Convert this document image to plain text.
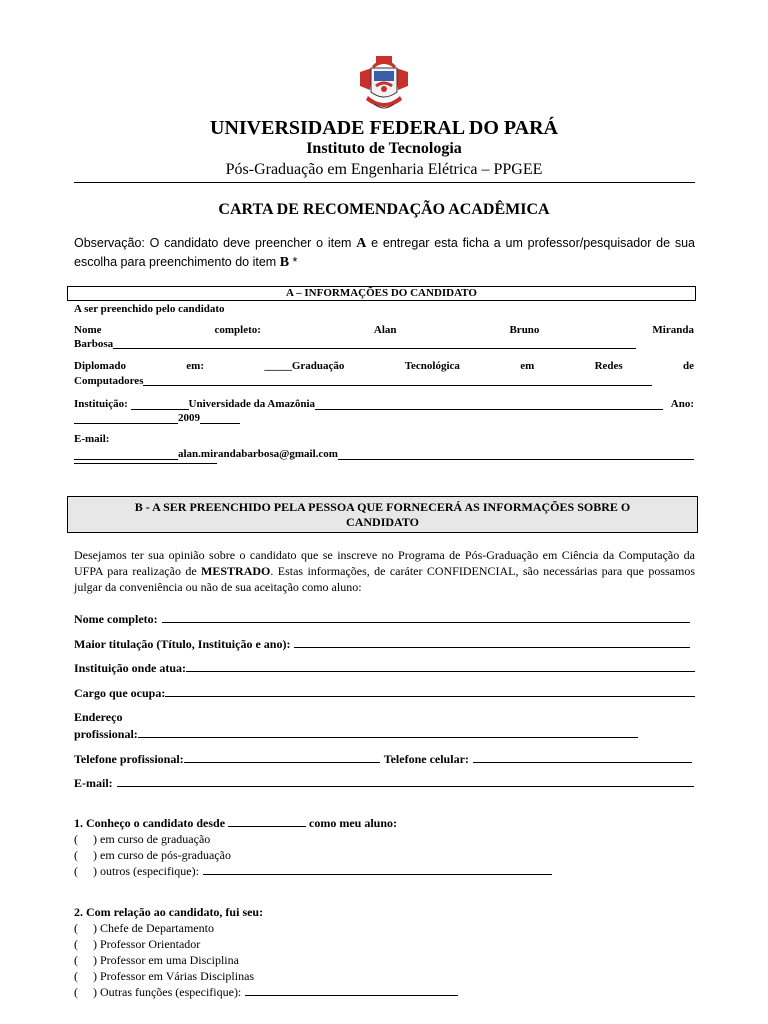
UNIVERSIDADE FEDERAL DO PARÁ
Instituto de Tecnologia
Pós-Graduação em Engenharia Elétrica – PPGEE
CARTA DE RECOMENDAÇÃO ACADÊMICA
Observação: O candidato deve preencher o item A e entregar esta ficha a um professor/pesquisador de sua escolha para preenchimento do item B *
A – INFORMAÇÕES DO CANDIDATO
A ser preenchido pelo candidato
Nome	completo:	Alan	Bruno	Miranda
Barbosa
Diplomado	em:	_____Graduação	Tecnológica	em	Redes	de
Computadores
Instituição:	Universidade da Amazônia	Ano:
2009
E-mail:
alan.mirandabarbosa@gmail.com
B - A SER PREENCHIDO PELA PESSOA QUE FORNECERÁ AS INFORMAÇÕES SOBRE O
CANDIDATO
Desejamos ter sua opinião sobre o candidato que se inscreve no Programa de Pós-Graduação em Ciência da Computação da UFPA para realização de MESTRADO. Estas informações, de caráter CONFIDENCIAL, são necessárias para que possamos julgar da conveniência ou não de sua aceitação como aluno:
Nome completo:
Maior titulação (Título, Instituição e ano):
Instituição onde atua:
Cargo que ocupa:
Endereço
profissional:
Telefone profissional:	Telefone celular:
E-mail:
1. Conheço o candidato desde	como meu aluno:
(     ) em curso de graduação
(     ) em curso de pós-graduação
(     ) outros (especifique):
2. Com relação ao candidato, fui seu:
(     ) Chefe de Departamento
(     ) Professor Orientador
(     ) Professor em uma Disciplina
(     ) Professor em Várias Disciplinas
(     ) Outras funções (especifique):
